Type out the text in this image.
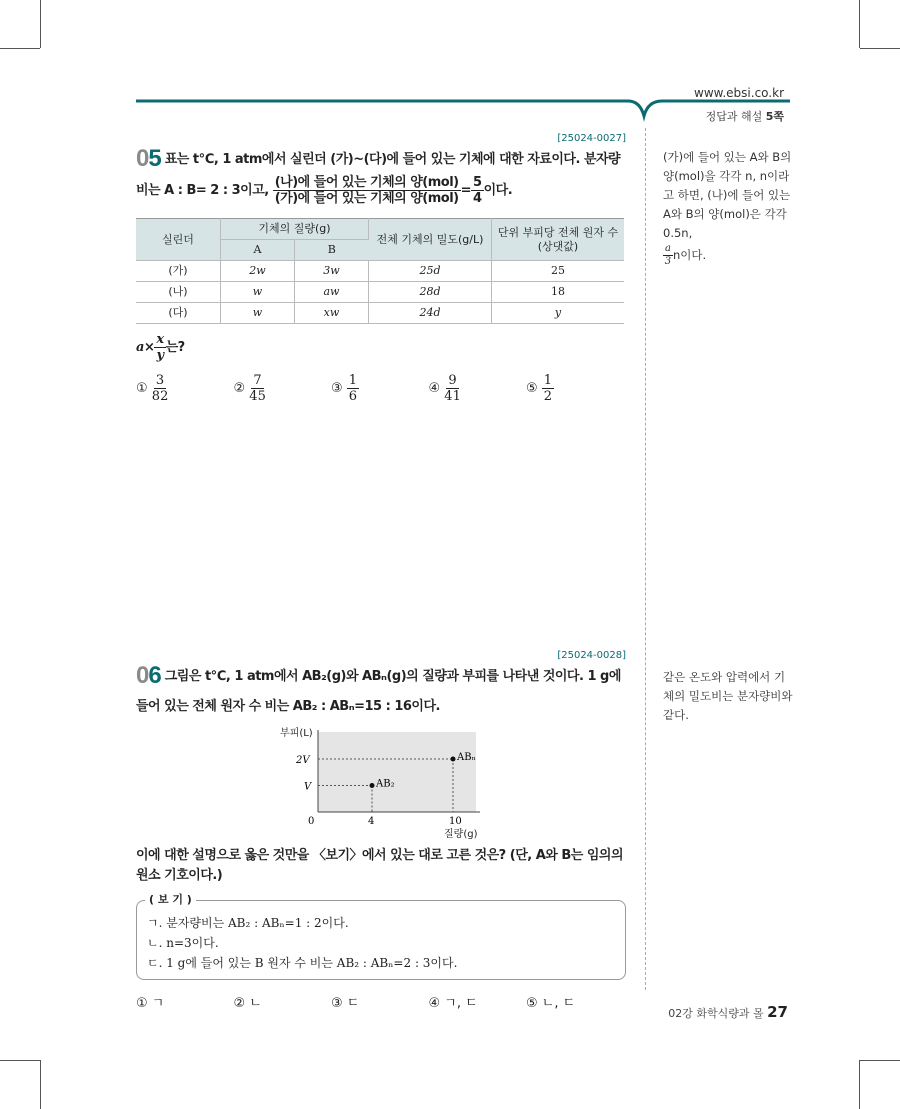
www.ebsi.co.kr
정답과 해설 5쪽
[25024-0027]
05 표는 t℃, 1 atm에서 실린더 (가)~(다)에 들어 있는 기체에 대한 자료이다. 분자량비는 A : B= 2 : 3이고, $\frac{\text{(나)에 들어 있는 기체의 양(mol)}}{\text{(가)에 들어 있는 기체의 양(mol)}} = \frac{5}{4}$ 이다.
실린더	기체의 질량(g)		전체 기체의 밀도(g/L)	단위 부피당 전체 원자 수
(상댓값)
	A	B		
(가)	2w	3w	25d	25
(나)	w	aw	28d	18
(다)	w	xw	24d	y
$a\times \frac{x}{y}$ 는?
① $\frac{3}{82}$	② $\frac{7}{45}$	③ $\frac{1}{6}$	④ $\frac{9}{41}$	⑤ $\frac{1}{2}$
(가)에 들어 있는 A와 B의 양(mol)을 각각 n, n이라고 하면, (나)에 들어 있는 A와 B의 양(mol)은 각각 0.5n,

$\frac{a}{3}$ n이다.
[25024-0028]
06 그림은 t℃, 1 atm에서 AB₂(g)와 ABₙ(g)의 질량과 부피를 나타낸 것이다. 1 g에 들어 있는 전체 원자 수 비는 AB₂ : ABₙ=15 : 16이다.
AB₂
4
V
ABₙ
10
2V
부피(L)
질량(g)
0
이에 대한 설명으로 옳은 것만을 〈보기〉에서 있는 대로 고른 것은? (단, A와 B는 임의의 원소 기호이다.)
( 보 기 )
ㄱ. 분자량비는 AB₂ : ABₙ=1 : 2이다.
ㄴ. n=3이다.
ㄷ. 1 g에 들어 있는 B 원자 수 비는 AB₂ : ABₙ=2 : 3이다.
① ㄱ	② ㄴ	③ ㄷ	④ ㄱ, ㄷ	⑤ ㄴ, ㄷ
같은 온도와 압력에서 기체의 밀도비는 분자량비와 같다.
02강 화학식량과 몰 27
